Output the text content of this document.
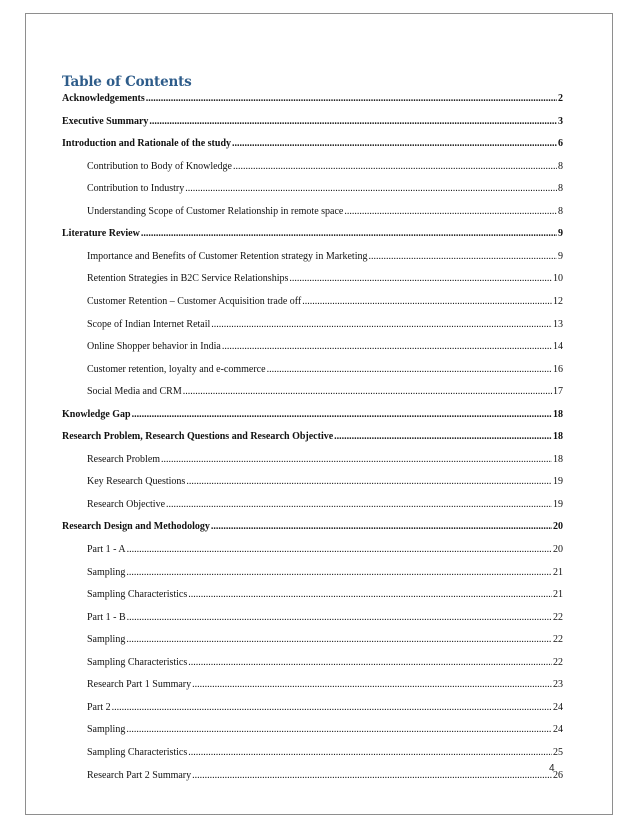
Table of Contents
Acknowledgements .....	2
Executive Summary .....	3
Introduction and Rationale of the study .....	6
Contribution to Body of Knowledge .....	8
Contribution to Industry .....	8
Understanding Scope of Customer Relationship in remote space .....	8
Literature Review .....	9
Importance and Benefits of Customer Retention strategy in Marketing .....	9
Retention Strategies in B2C Service Relationships .....	10
Customer Retention – Customer Acquisition trade off .....	12
Scope of Indian Internet Retail .....	13
Online Shopper behavior in India .....	14
Customer retention, loyalty and e-commerce .....	16
Social Media and CRM .....	17
Knowledge Gap .....	18
Research Problem, Research Questions and Research Objective .....	18
Research Problem .....	18
Key Research Questions .....	19
Research Objective .....	19
Research Design and Methodology .....	20
Part 1 - A .....	20
Sampling .....	21
Sampling Characteristics .....	21
Part 1 - B .....	22
Sampling .....	22
Sampling Characteristics .....	22
Research Part 1 Summary .....	23
Part 2 .....	24
Sampling .....	24
Sampling Characteristics .....	25
Research Part 2 Summary .....	26
4
